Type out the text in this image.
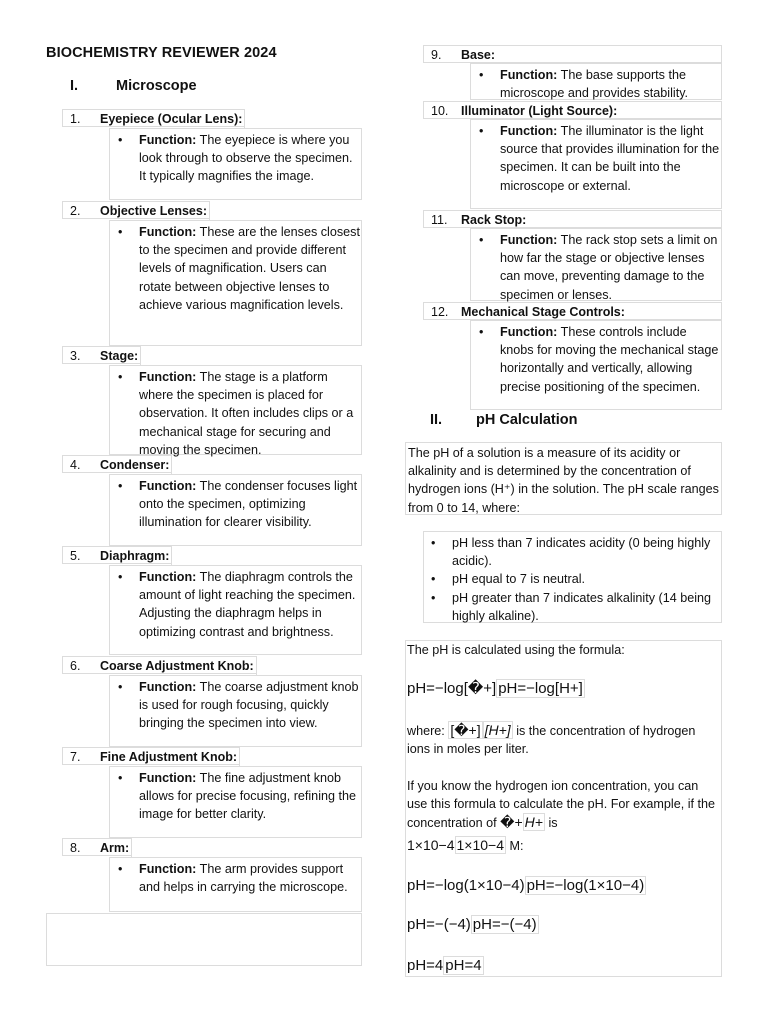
BIOCHEMISTRY REVIEWER 2024
I.	Microscope
1. Eyepiece (Ocular Lens):
• Function: The eyepiece is where you look through to observe the specimen. It typically magnifies the image.
2. Objective Lenses:
• Function: These are the lenses closest to the specimen and provide different levels of magnification. Users can rotate between objective lenses to achieve various magnification levels.
3. Stage:
• Function: The stage is a platform where the specimen is placed for observation. It often includes clips or a mechanical stage for securing and moving the specimen.
4. Condenser:
• Function: The condenser focuses light onto the specimen, optimizing illumination for clearer visibility.
5. Diaphragm:
• Function: The diaphragm controls the amount of light reaching the specimen. Adjusting the diaphragm helps in optimizing contrast and brightness.
6. Coarse Adjustment Knob:
• Function: The coarse adjustment knob is used for rough focusing, quickly bringing the specimen into view.
7. Fine Adjustment Knob:
• Function: The fine adjustment knob allows for precise focusing, refining the image for better clarity.
8. Arm:
• Function: The arm provides support and helps in carrying the microscope.
9. Base:
• Function: The base supports the microscope and provides stability.
10. Illuminator (Light Source):
• Function: The illuminator is the light source that provides illumination for the specimen. It can be built into the microscope or external.
11. Rack Stop:
• Function: The rack stop sets a limit on how far the stage or objective lenses can move, preventing damage to the specimen or lenses.
12. Mechanical Stage Controls:
• Function: These controls include knobs for moving the mechanical stage horizontally and vertically, allowing precise positioning of the specimen.
II.	pH Calculation
The pH of a solution is a measure of its acidity or alkalinity and is determined by the concentration of hydrogen ions (H⁺) in the solution. The pH scale ranges from 0 to 14, where:
• pH less than 7 indicates acidity (0 being highly acidic).
• pH equal to 7 is neutral.
• pH greater than 7 indicates alkalinity (14 being highly alkaline).
The pH is calculated using the formula:
pH=−log[�+] pH=−log[H+]
where: [�+] [H+] is the concentration of hydrogen ions in moles per liter.
If you know the hydrogen ion concentration, you can use this formula to calculate the pH. For example, if the concentration of �+ H+ is
1×10−4 1×10−4 M:
pH=−log(1×10−4) pH=−log(1×10−4)
pH=−(−4) pH=−(−4)
pH=4 pH=4
